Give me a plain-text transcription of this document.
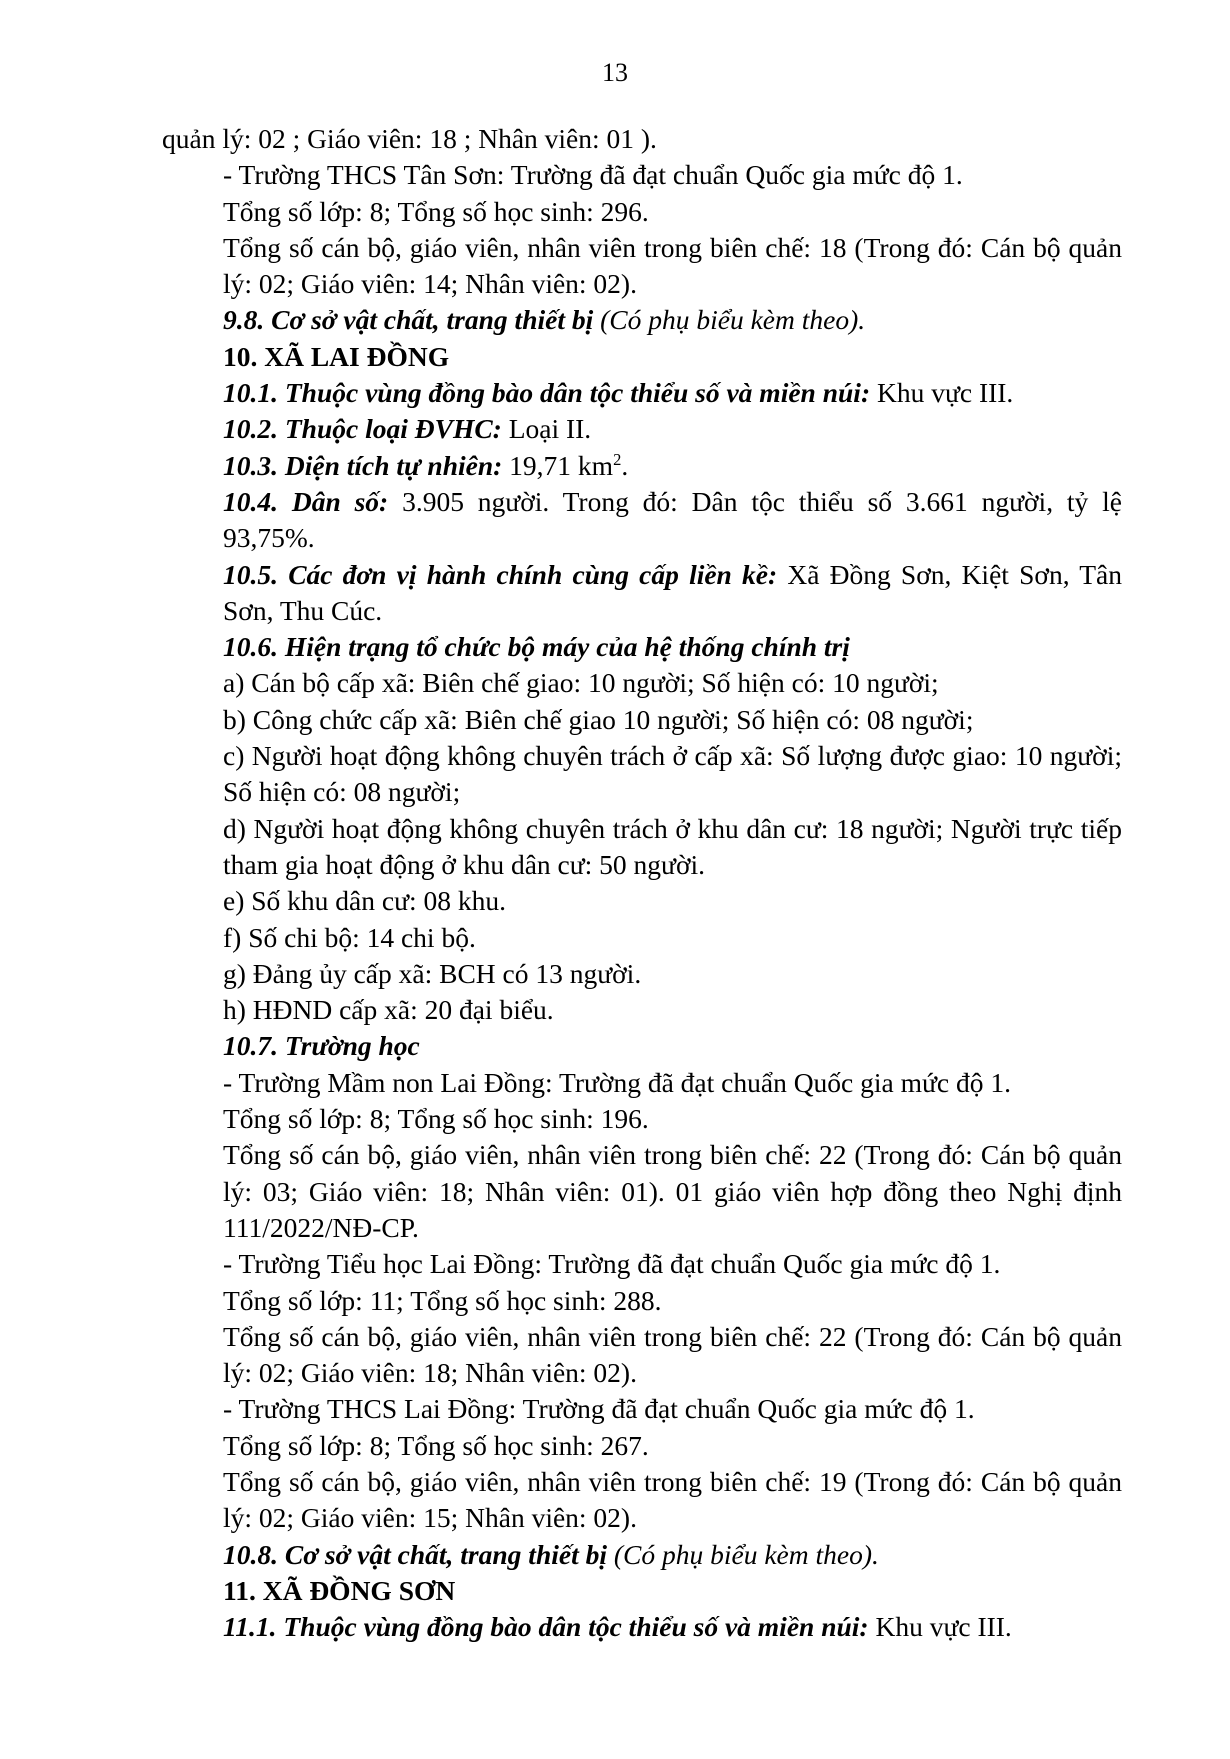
13

quản lý: 02 ; Giáo viên: 18 ; Nhân viên: 01 ).

- Trường THCS Tân Sơn: Trường đã đạt chuẩn Quốc gia mức độ 1.

Tổng số lớp: 8; Tổng số học sinh: 296.

Tổng số cán bộ, giáo viên, nhân viên trong biên chế: 18 (Trong đó: Cán bộ quản lý: 02; Giáo viên: 14; Nhân viên: 02).

9.8. Cơ sở vật chất, trang thiết bị (Có phụ biểu kèm theo).

10. XÃ LAI ĐỒNG

10.1. Thuộc vùng đồng bào dân tộc thiểu số và miền núi: Khu vực III.

10.2. Thuộc loại ĐVHC: Loại II.

10.3. Diện tích tự nhiên: 19,71 $km^2$.

10.4. Dân số: 3.905 người. Trong đó: Dân tộc thiểu số 3.661 người, tỷ lệ 93,75%.

10.5. Các đơn vị hành chính cùng cấp liền kề: Xã Đồng Sơn, Kiệt Sơn, Tân Sơn, Thu Cúc.

10.6. Hiện trạng tổ chức bộ máy của hệ thống chính trị

a) Cán bộ cấp xã: Biên chế giao: 10 người; Số hiện có: 10 người;

b) Công chức cấp xã: Biên chế giao 10 người; Số hiện có: 08 người;

c) Người hoạt động không chuyên trách ở cấp xã: Số lượng được giao: 10 người; Số hiện có: 08 người;

d) Người hoạt động không chuyên trách ở khu dân cư: 18 người; Người trực tiếp tham gia hoạt động ở khu dân cư: 50 người.

e) Số khu dân cư: 08 khu.

f) Số chi bộ: 14 chi bộ.

g) Đảng ủy cấp xã: BCH có 13 người.

h) HĐND cấp xã: 20 đại biểu.

10.7. Trường học

- Trường Mầm non Lai Đồng: Trường đã đạt chuẩn Quốc gia mức độ 1.

Tổng số lớp: 8; Tổng số học sinh: 196.

Tổng số cán bộ, giáo viên, nhân viên trong biên chế: 22 (Trong đó: Cán bộ quản lý: 03; Giáo viên: 18; Nhân viên: 01). 01 giáo viên hợp đồng theo Nghị định 111/2022/NĐ-CP.

- Trường Tiểu học Lai Đồng: Trường đã đạt chuẩn Quốc gia mức độ 1.

Tổng số lớp: 11; Tổng số học sinh: 288.

Tổng số cán bộ, giáo viên, nhân viên trong biên chế: 22 (Trong đó: Cán bộ quản lý: 02; Giáo viên: 18; Nhân viên: 02).

- Trường THCS Lai Đồng: Trường đã đạt chuẩn Quốc gia mức độ 1.

Tổng số lớp: 8; Tổng số học sinh: 267.

Tổng số cán bộ, giáo viên, nhân viên trong biên chế: 19 (Trong đó: Cán bộ quản lý: 02; Giáo viên: 15; Nhân viên: 02).

10.8. Cơ sở vật chất, trang thiết bị (Có phụ biểu kèm theo).

11. XÃ ĐỒNG SƠN

11.1. Thuộc vùng đồng bào dân tộc thiểu số và miền núi: Khu vực III.
